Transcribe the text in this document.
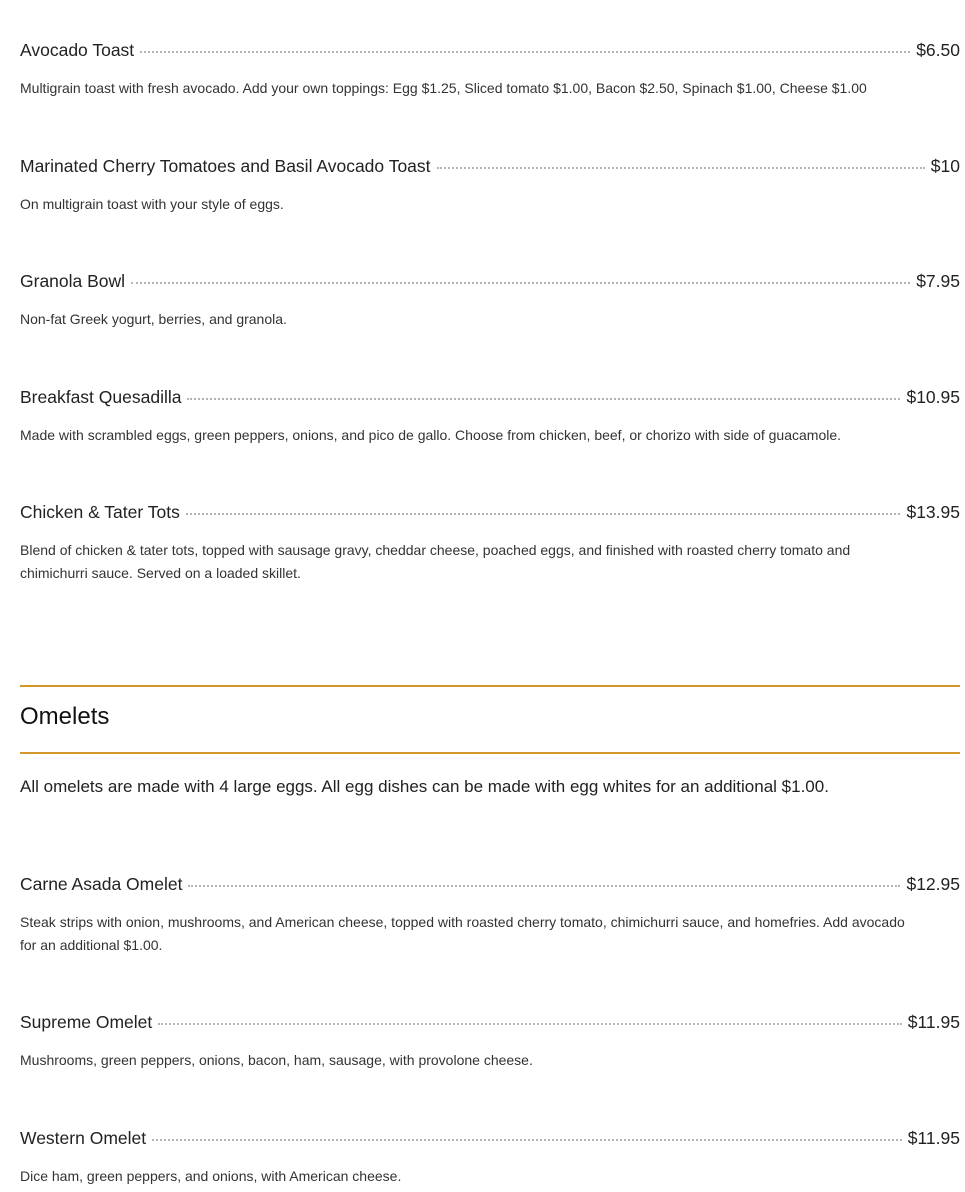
Avocado Toast	$6.50
Multigrain toast with fresh avocado. Add your own toppings: Egg $1.25, Sliced tomato $1.00, Bacon $2.50, Spinach $1.00, Cheese $1.00
Marinated Cherry Tomatoes and Basil Avocado Toast	$10
On multigrain toast with your style of eggs.
Granola Bowl	$7.95
Non-fat Greek yogurt, berries, and granola.
Breakfast Quesadilla	$10.95
Made with scrambled eggs, green peppers, onions, and pico de gallo. Choose from chicken, beef, or chorizo with side of guacamole.
Chicken & Tater Tots	$13.95
Blend of chicken & tater tots, topped with sausage gravy, cheddar cheese, poached eggs, and finished with roasted cherry tomato and chimichurri sauce. Served on a loaded skillet.
Omelets
All omelets are made with 4 large eggs. All egg dishes can be made with egg whites for an additional $1.00.
Carne Asada Omelet	$12.95
Steak strips with onion, mushrooms, and American cheese, topped with roasted cherry tomato, chimichurri sauce, and homefries. Add avocado for an additional $1.00.
Supreme Omelet	$11.95
Mushrooms, green peppers, onions, bacon, ham, sausage, with provolone cheese.
Western Omelet	$11.95
Dice ham, green peppers, and onions, with American cheese.
